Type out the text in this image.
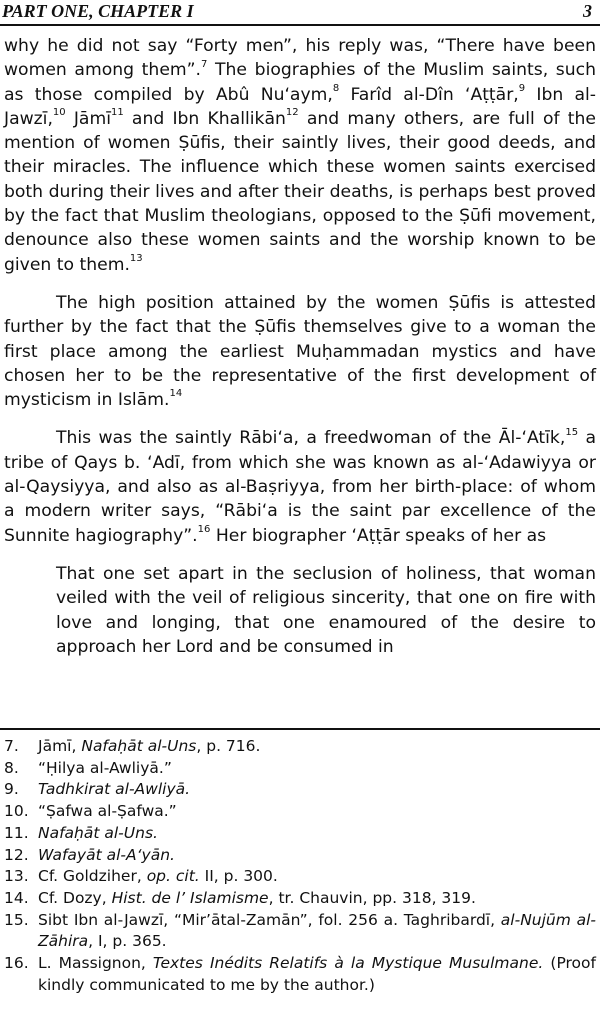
PART ONE, CHAPTER I	3

why he did not say “Forty men”, his reply was, “There have been women among them”.$^7$ The biographies of the Muslim saints, such as those compiled by Abû Nu‘aym,$^8$ Farîd al-Dîn ‘Aṭṭār,$^9$ Ibn al-Jawzī,$^{10}$ Jāmī$^{11}$ and Ibn Khallikān$^{12}$ and many others, are full of the mention of women Ṣūfis, their saintly lives, their good deeds, and their miracles. The influence which these women saints exercised both during their lives and after their deaths, is perhaps best proved by the fact that Muslim theologians, opposed to the Ṣūfi movement, denounce also these women saints and the worship known to be given to them.$^{13}$

The high position attained by the women Ṣūfis is attested further by the fact that the Ṣūfis themselves give to a woman the first place among the earliest Muḥammadan mystics and have chosen her to be the representative of the first development of mysticism in Islām.$^{14}$

This was the saintly Rābi‘a, a freedwoman of the Āl-‘Atīk,$^{15}$ a tribe of Qays b. ‘Adī, from which she was known as al-‘Adawiyya or al-Qaysiyya, and also as al-Baṣriyya, from her birth-place: of whom a modern writer says, “Rābi‘a is the saint par excellence of the Sunnite hagiography”.$^{16}$ Her biographer ‘Aṭṭār speaks of her as

That one set apart in the seclusion of holiness, that woman veiled with the veil of religious sincerity, that one on fire with love and longing, that one enamoured of the desire to approach her Lord and be consumed in

7.	Jāmī, Nafaḥāt al-Uns, p. 716.
8.	“Ḥilya al-Awliyā.”
9.	Tadhkirat al-Awliyā.
10. “Ṣafwa al-Ṣafwa.”
11. Nafaḥāt al-Uns.
12. Wafayāt al-A‘yān.
13. Cf. Goldziher, op. cit. II, p. 300.
14. Cf. Dozy, Hist. de l’ Islamisme, tr. Chauvin, pp. 318, 319.
15. Sibt Ibn al-Jawzī, “Mir’ātal-Zamān”, fol. 256 a. Taghribardī, al-Nujūm al-Zāhira, I, p. 365.
16. L. Massignon, Textes Inédits Relatifs à la Mystique Musulmane. (Proof kindly communicated to me by the author.)
